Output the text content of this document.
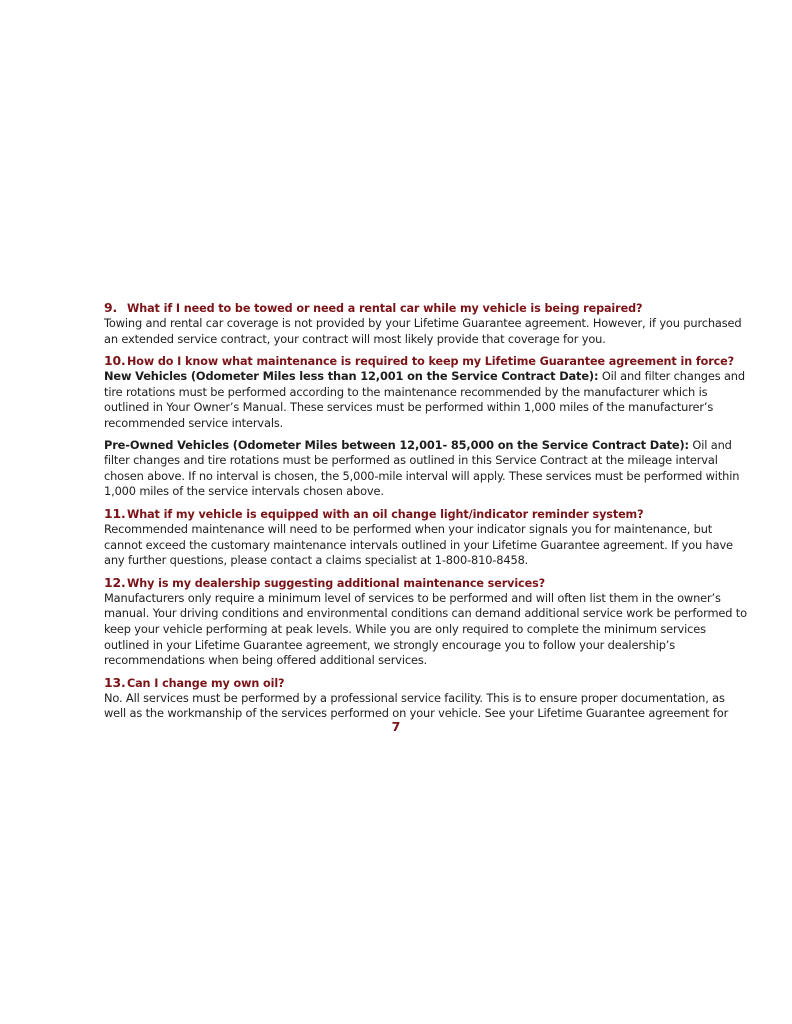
9. What if I need to be towed or need a rental car while my vehicle is being repaired?

Towing and rental car coverage is not provided by your Lifetime Guarantee agreement. However, if you purchased an extended service contract, your contract will most likely provide that coverage for you.

10.How do I know what maintenance is required to keep my Lifetime Guarantee agreement in force?

New Vehicles (Odometer Miles less than 12,001 on the Service Contract Date): Oil and filter changes and tire rotations must be performed according to the maintenance recommended by the manufacturer which is outlined in Your Owner’s Manual. These services must be performed within 1,000 miles of the manufacturer’s recommended service intervals.

Pre-Owned Vehicles (Odometer Miles between 12,001- 85,000 on the Service Contract Date): Oil and filter changes and tire rotations must be performed as outlined in this Service Contract at the mileage interval chosen above. If no interval is chosen, the 5,000-mile interval will apply. These services must be performed within 1,000 miles of the service intervals chosen above.

11.What if my vehicle is equipped with an oil change light/indicator reminder system?

Recommended maintenance will need to be performed when your indicator signals you for maintenance, but cannot exceed the customary maintenance intervals outlined in your Lifetime Guarantee agreement. If you have any further questions, please contact a claims specialist at 1-800-810-8458.

12.Why is my dealership suggesting additional maintenance services?

Manufacturers only require a minimum level of services to be performed and will often list them in the owner’s manual. Your driving conditions and environmental conditions can demand additional service work be performed to keep your vehicle performing at peak levels. While you are only required to complete the minimum services outlined in your Lifetime Guarantee agreement, we strongly encourage you to follow your dealership’s recommendations when being offered additional services.

13.Can I change my own oil?

No. All services must be performed by a professional service facility. This is to ensure proper documentation, as well as the workmanship of the services performed on your vehicle. See your Lifetime Guarantee agreement for

7
